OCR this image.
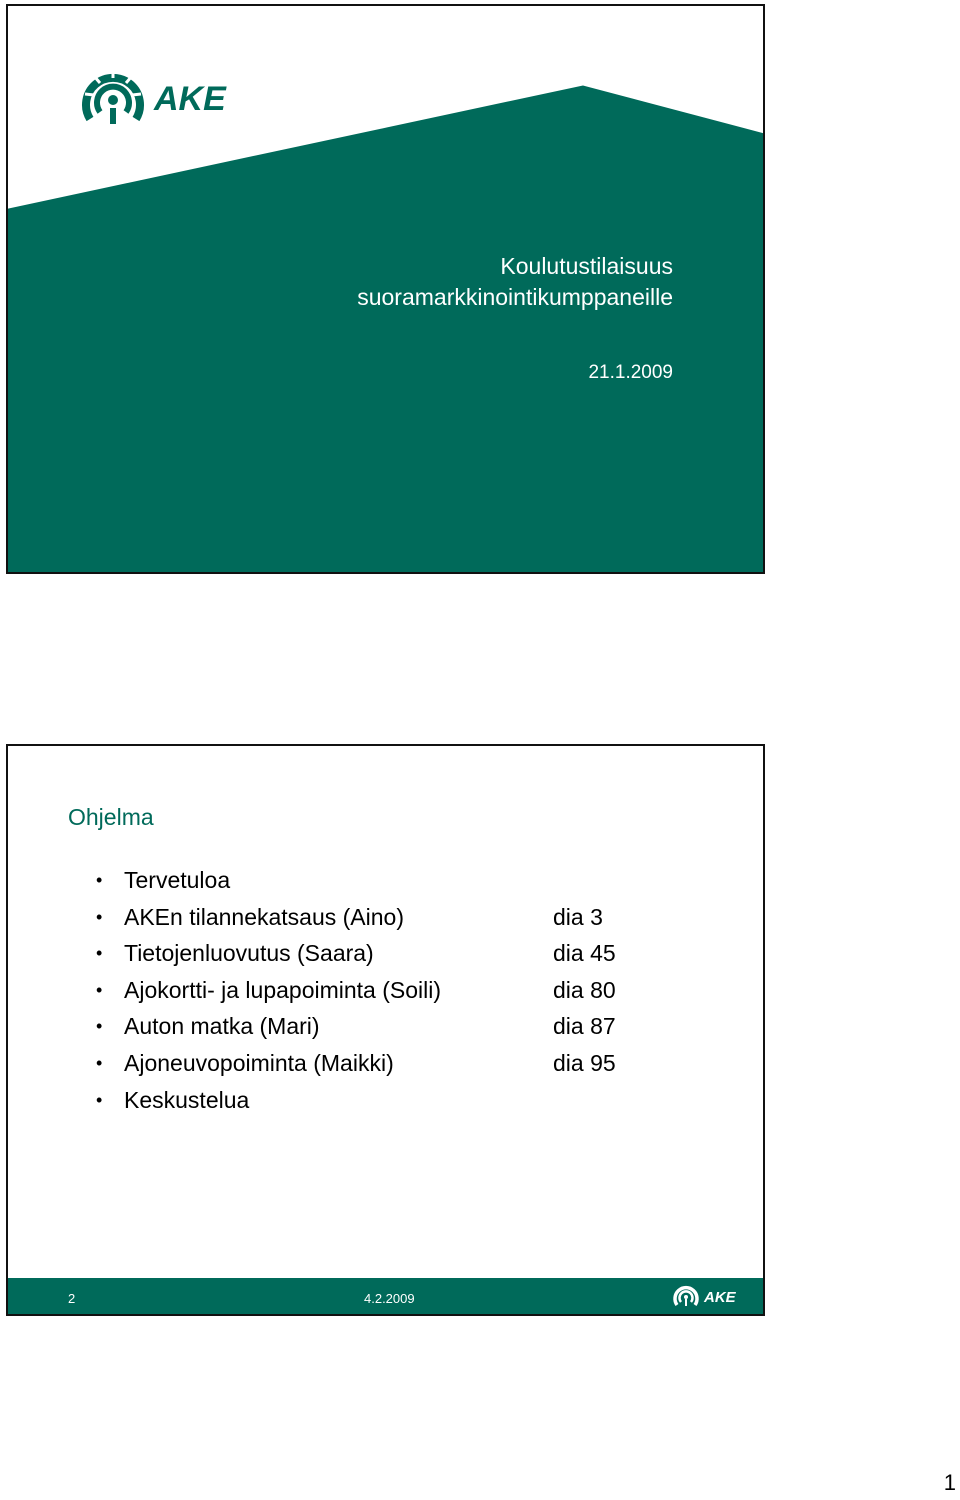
AKE
Koulutustilaisuus
suoramarkkinointikumppaneille
21.1.2009
Ohjelma
• Tervetuloa
• AKEn tilannekatsaus (Aino)	dia 3
• Tietojenluovutus (Saara)	dia 45
• Ajokortti- ja lupapoiminta (Soili)	dia 80
• Auton matka (Mari)	dia 87
• Ajoneuvopoiminta (Maikki)	dia 95
• Keskustelua
2	4.2.2009	AKE
1
